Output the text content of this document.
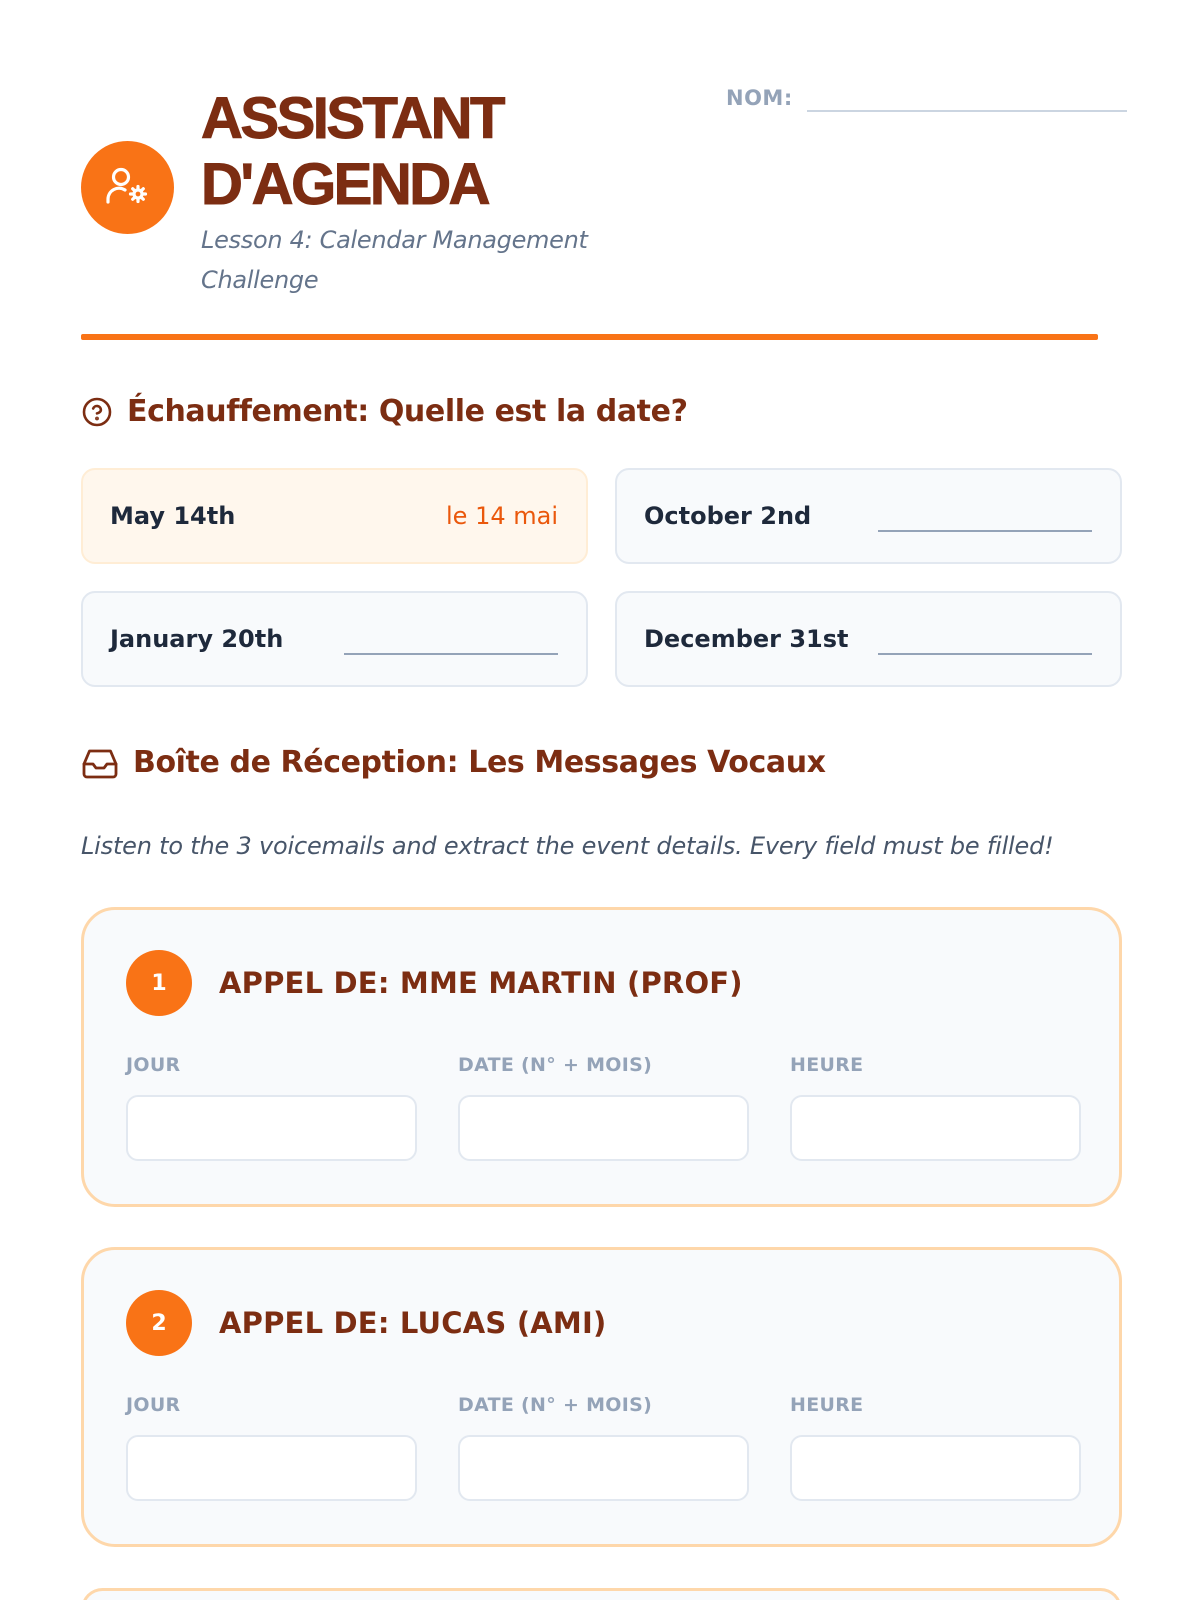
ASSISTANT
D'AGENDA
Lesson 4: Calendar Management Challenge
NOM:
Échauffement: Quelle est la date?
May 14th	le 14 mai	October 2nd
January 20th	December 31st
Boîte de Réception: Les Messages Vocaux
Listen to the 3 voicemails and extract the event details. Every field must be filled!
1	APPEL DE: MME MARTIN (PROF)
JOUR	DATE (N° + MOIS)	HEURE
2	APPEL DE: LUCAS (AMI)
JOUR	DATE (N° + MOIS)	HEURE
